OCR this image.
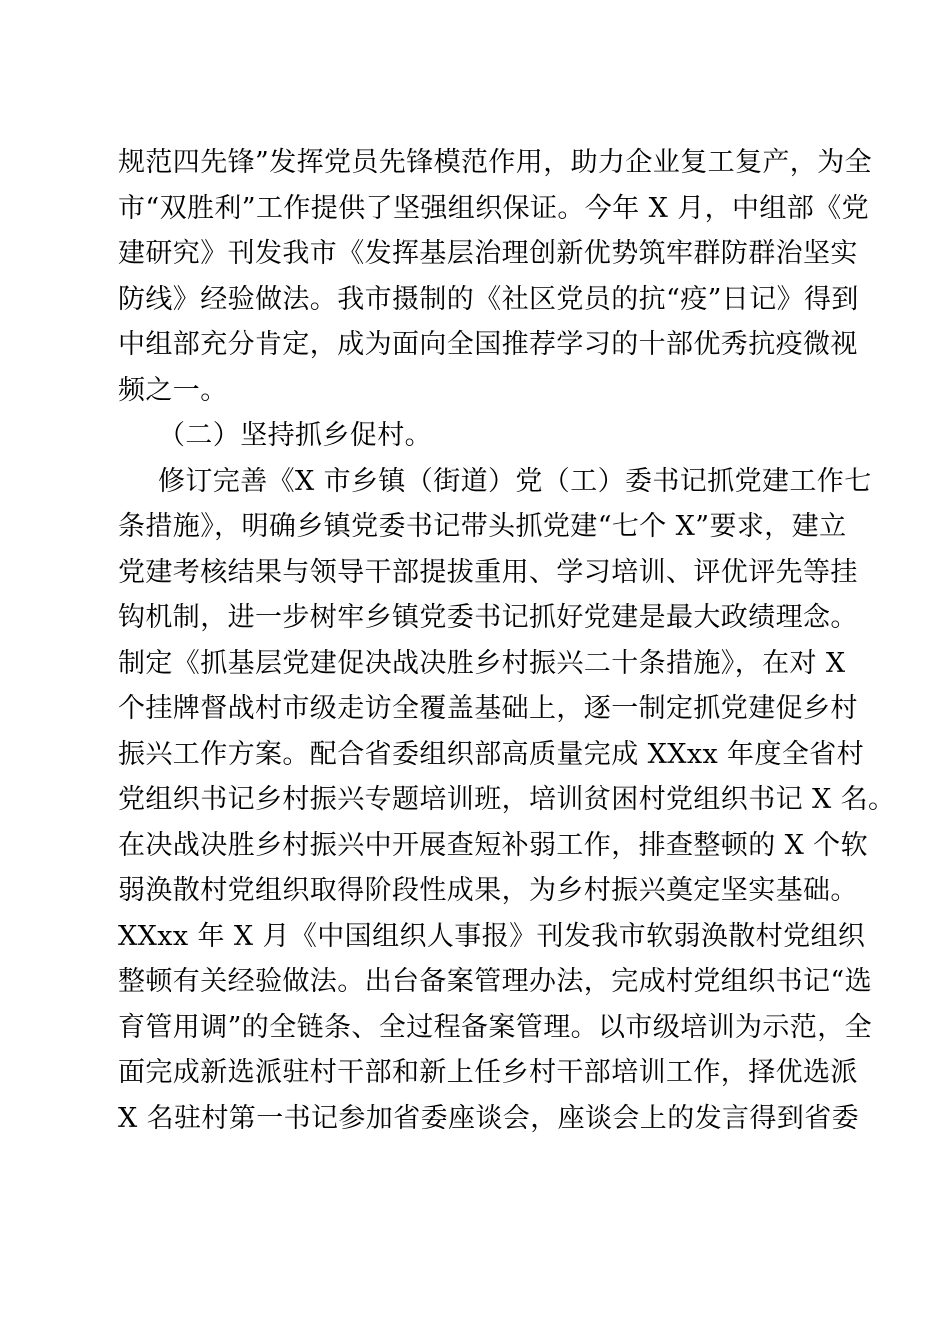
规范四先锋”发挥党员先锋模范作用，助力企业复工复产，为全
市“双胜利”工作提供了坚强组织保证。今年 X 月，中组部《党
建研究》刊发我市《发挥基层治理创新优势筑牢群防群治坚实
防线》经验做法。我市摄制的《社区党员的抗“疫”日记》得到
中组部充分肯定，成为面向全国推荐学习的十部优秀抗疫微视
频之一。
（二）坚持抓乡促村。
修订完善《X 市乡镇（街道）党（工）委书记抓党建工作七
条措施》，明确乡镇党委书记带头抓党建“七个 X”要求，建立
党建考核结果与领导干部提拔重用、学习培训、评优评先等挂
钩机制，进一步树牢乡镇党委书记抓好党建是最大政绩理念。
制定《抓基层党建促决战决胜乡村振兴二十条措施》，在对 X
个挂牌督战村市级走访全覆盖基础上，逐一制定抓党建促乡村
振兴工作方案。配合省委组织部高质量完成 XXxx 年度全省村
党组织书记乡村振兴专题培训班，培训贫困村党组织书记 X 名。
在决战决胜乡村振兴中开展查短补弱工作，排查整顿的 X 个软
弱涣散村党组织取得阶段性成果，为乡村振兴奠定坚实基础。
XXxx 年 X 月《中国组织人事报》刊发我市软弱涣散村党组织
整顿有关经验做法。出台备案管理办法，完成村党组织书记“选
育管用调”的全链条、全过程备案管理。以市级培训为示范，全
面完成新选派驻村干部和新上任乡村干部培训工作，择优选派
X 名驻村第一书记参加省委座谈会，座谈会上的发言得到省委
